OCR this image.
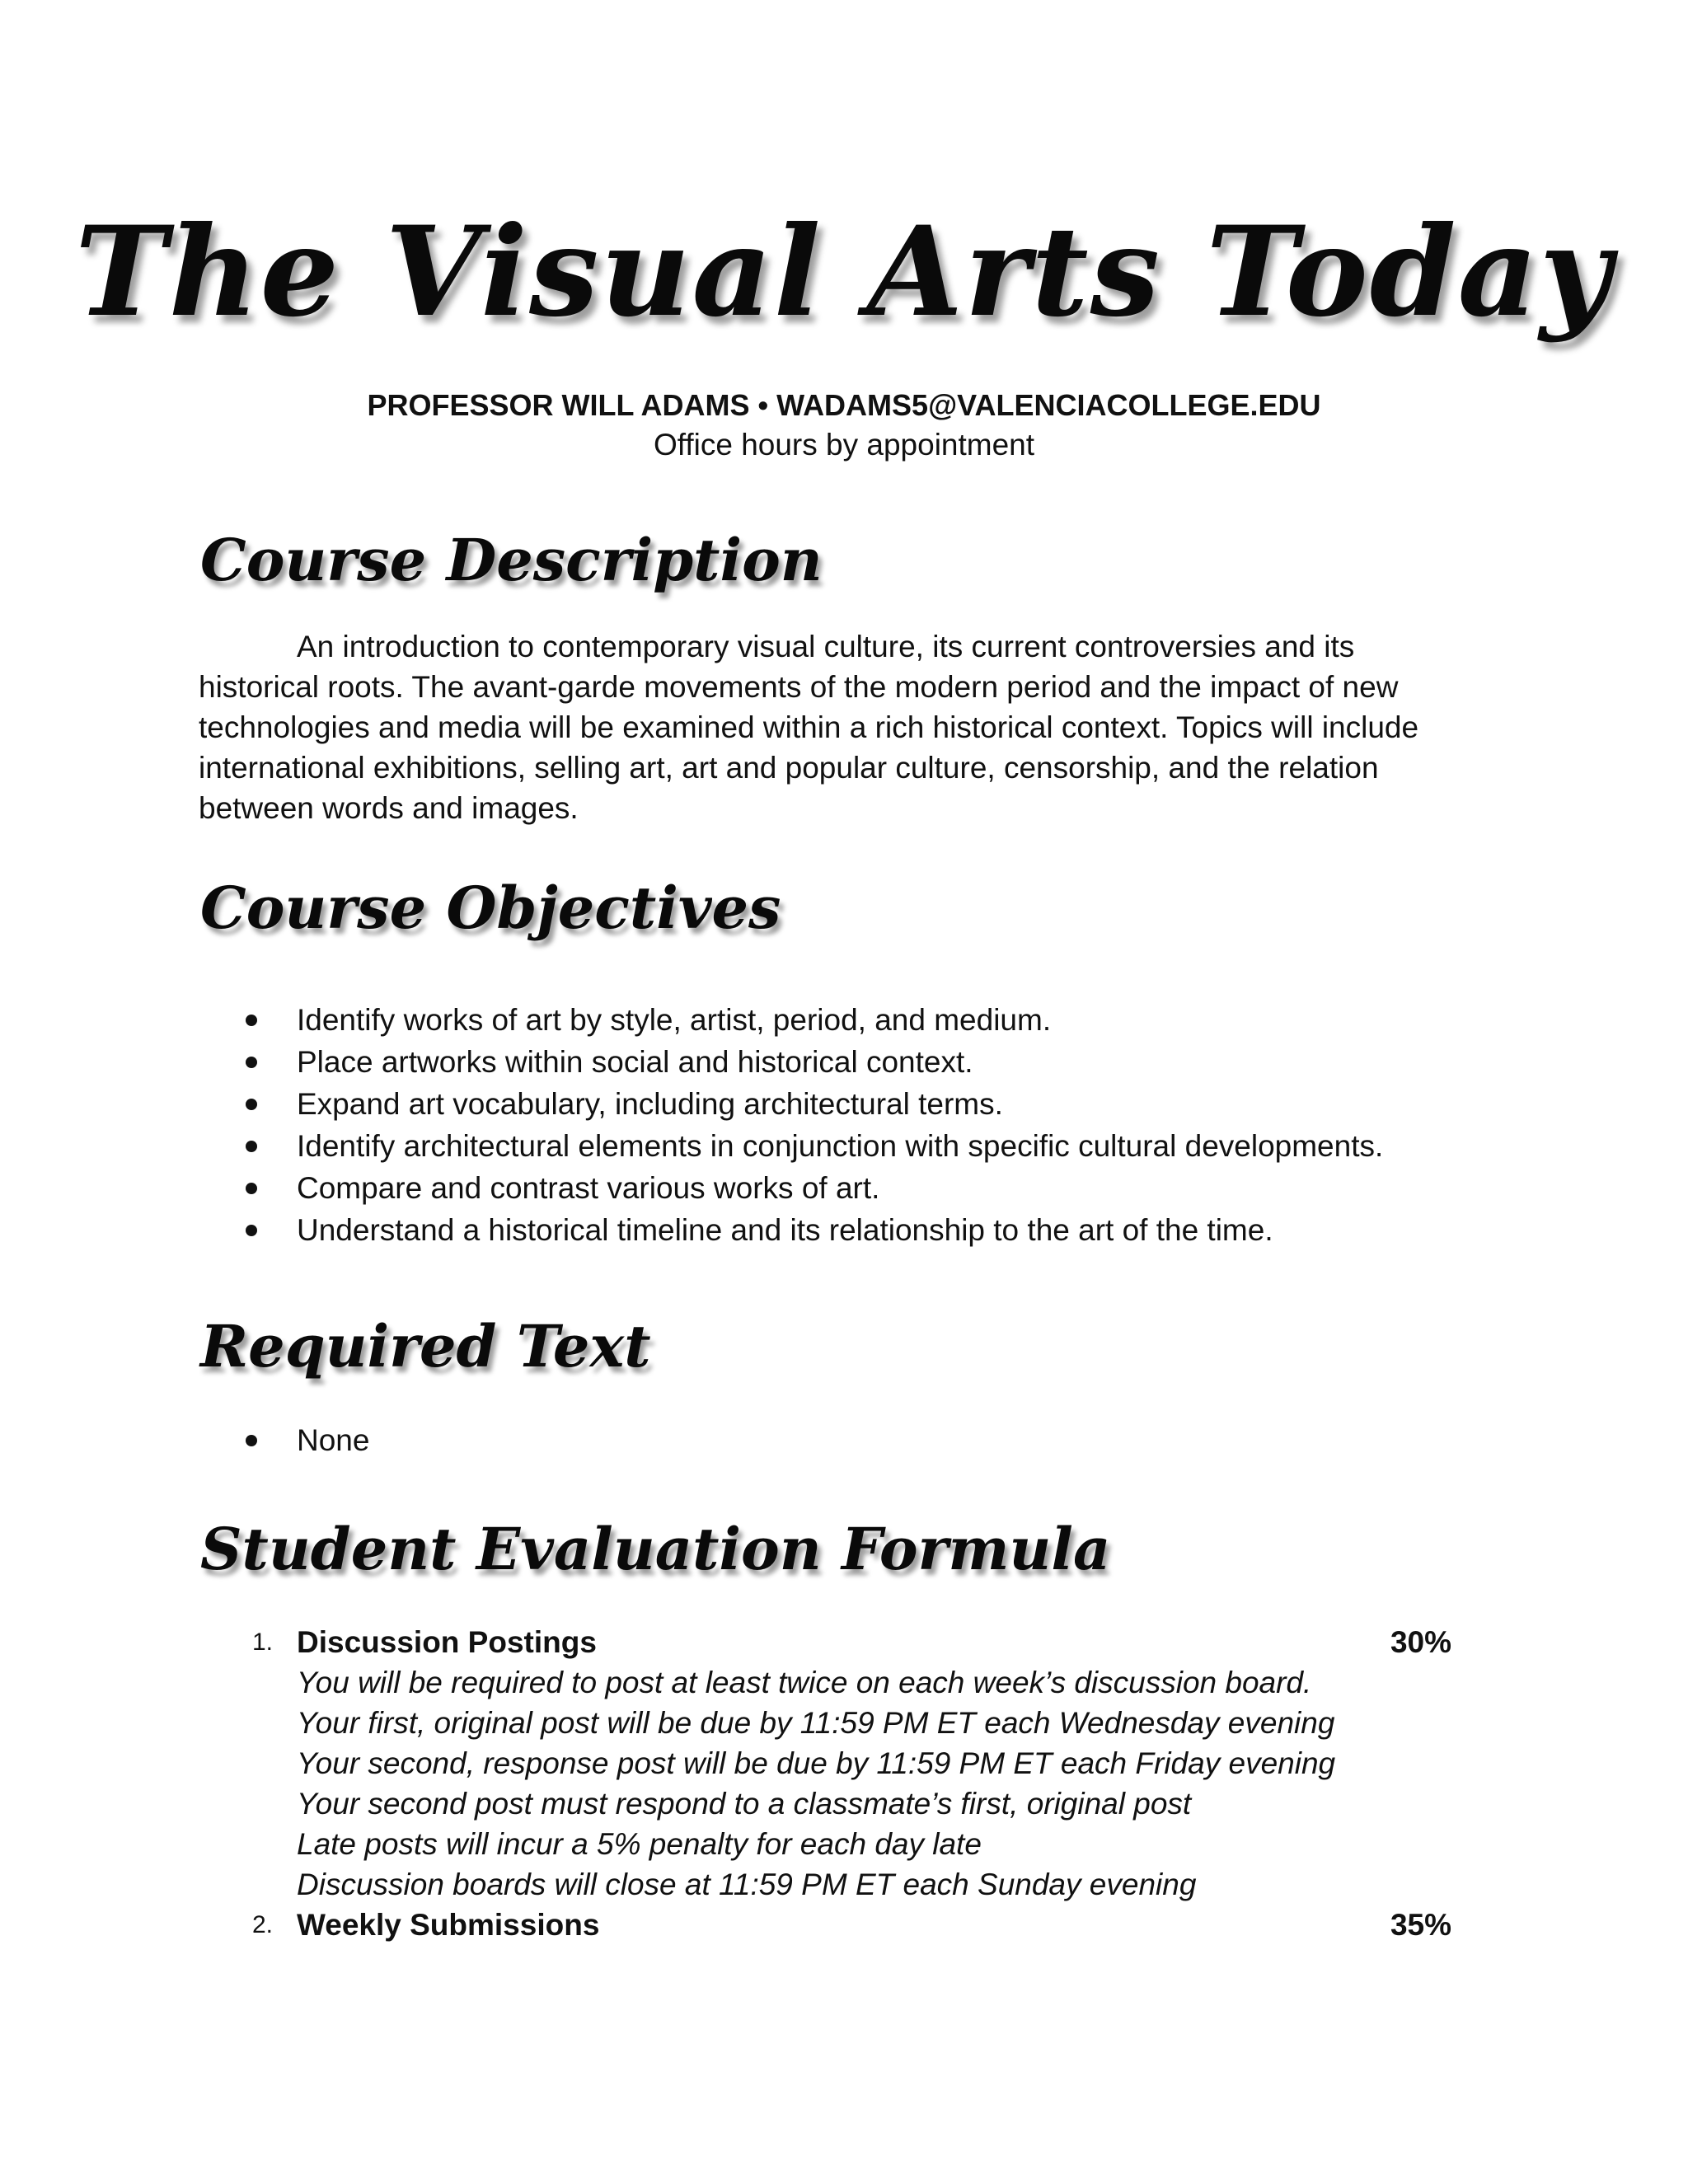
The Visual Arts Today
PROFESSOR WILL ADAMS • WADAMS5@VALENCIACOLLEGE.EDU
Office hours by appointment
Course Description

An introduction to contemporary visual culture, its current controversies and its historical roots. The avant-garde movements of the modern period and the impact of new technologies and media will be examined within a rich historical context. Topics will include international exhibitions, selling art, art and popular culture, censorship, and the relation between words and images.

Course Objectives
Identify works of art by style, artist, period, and medium.
Place artworks within social and historical context.
Expand art vocabulary, including architectural terms.
Identify architectural elements in conjunction with specific cultural developments.
Compare and contrast various works of art.
Understand a historical timeline and its relationship to the art of the time.
Required Text
None
Student Evaluation Formula
1. Discussion Postings	30%
You will be required to post at least twice on each week’s discussion board.
Your first, original post will be due by 11:59 PM ET each Wednesday evening
Your second, response post will be due by 11:59 PM ET each Friday evening
Your second post must respond to a classmate’s first, original post
Late posts will incur a 5% penalty for each day late
Discussion boards will close at 11:59 PM ET each Sunday evening
2. Weekly Submissions	35%
